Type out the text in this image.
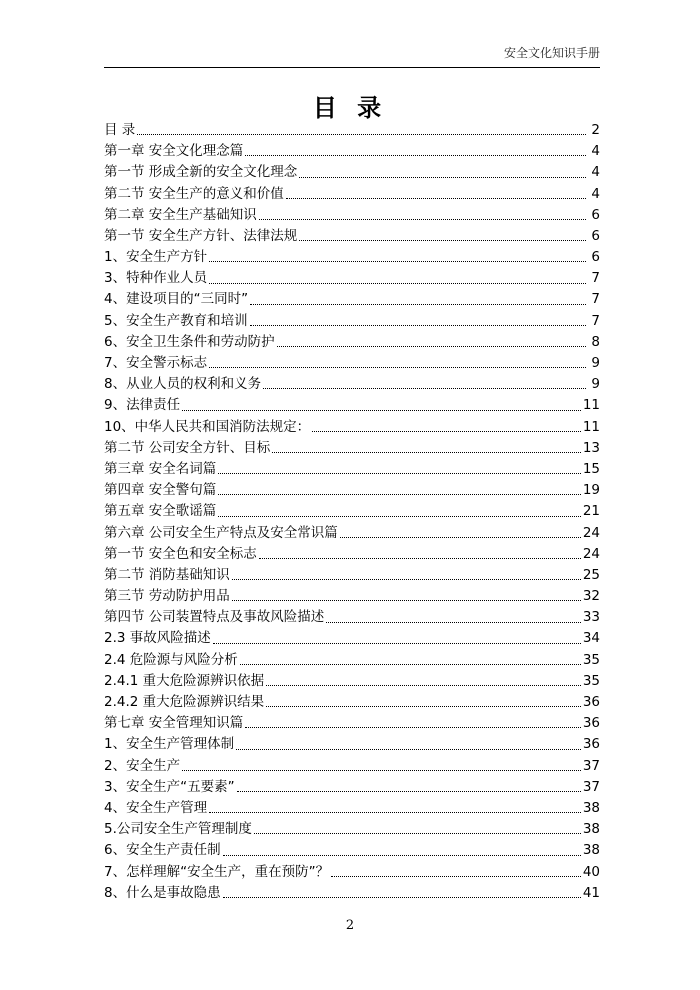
安全文化知识手册
目 录
目 录	2
第一章 安全文化理念篇	4
第一节 形成全新的安全文化理念	4
第二节 安全生产的意义和价值	4
第二章 安全生产基础知识	6
第一节 安全生产方针、法律法规	6
1、安全生产方针	6
3、特种作业人员	7
4、建设项目的“三同时”	7
5、安全生产教育和培训	7
6、安全卫生条件和劳动防护	8
7、安全警示标志	9
8、从业人员的权利和义务	9
9、法律责任	11
10、中华人民共和国消防法规定：	11
第二节 公司安全方针、目标	13
第三章 安全名词篇	15
第四章 安全警句篇	19
第五章 安全歌谣篇	21
第六章 公司安全生产特点及安全常识篇	24
第一节 安全色和安全标志	24
第二节 消防基础知识	25
第三节 劳动防护用品	32
第四节 公司装置特点及事故风险描述	33
2.3 事故风险描述	34
2.4 危险源与风险分析	35
2.4.1 重大危险源辨识依据	35
2.4.2 重大危险源辨识结果	36
第七章 安全管理知识篇	36
1、安全生产管理体制	36
2、安全生产	37
3、安全生产“五要素”	37
4、安全生产管理	38
5.公司安全生产管理制度	38
6、安全生产责任制	38
7、怎样理解“安全生产，重在预防”？	40
8、什么是事故隐患	41
2
